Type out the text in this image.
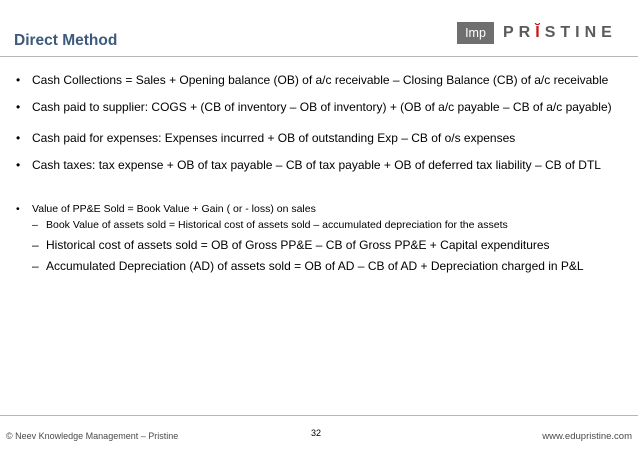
Direct Method	Imp	PR Ĭ STINE
• Cash Collections = Sales + Opening balance (OB) of a/c receivable – Closing Balance (CB) of a/c receivable
• Cash paid to supplier: COGS + (CB of inventory – OB of inventory) + (OB of a/c payable – CB of a/c payable)
• Cash paid for expenses: Expenses incurred + OB of outstanding Exp – CB of o/s expenses
• Cash taxes: tax expense + OB of tax payable – CB of tax payable + OB of deferred tax liability – CB of DTL
• Value of PP&E Sold = Book Value + Gain ( or - loss) on sales
– Book Value of assets sold = Historical cost of assets sold – accumulated depreciation for the assets
– Historical cost of assets sold = OB of Gross PP&E – CB of Gross PP&E + Capital expenditures
– Accumulated Depreciation (AD) of assets sold = OB of AD – CB of AD + Depreciation charged in P&L
© Neev Knowledge Management – Pristine	32	www.edupristine.com
